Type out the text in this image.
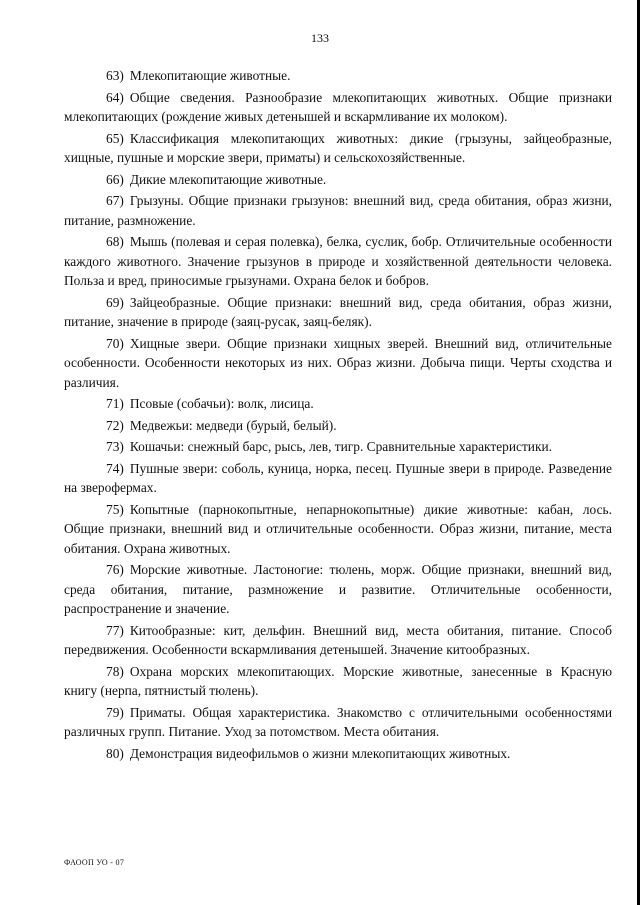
133

63) Млекопитающие животные.

64) Общие сведения. Разнообразие млекопитающих животных. Общие признаки млекопитающих (рождение живых детенышей и вскармливание их молоком).

65) Классификация млекопитающих животных: дикие (грызуны, зайцеобразные, хищные, пушные и морские звери, приматы) и сельскохозяйственные.

66) Дикие млекопитающие животные.

67) Грызуны. Общие признаки грызунов: внешний вид, среда обитания, образ жизни, питание, размножение.

68) Мышь (полевая и серая полевка), белка, суслик, бобр. Отличительные особенности каждого животного. Значение грызунов в природе и хозяйственной деятельности человека. Польза и вред, приносимые грызунами. Охрана белок и бобров.

69) Зайцеобразные. Общие признаки: внешний вид, среда обитания, образ жизни, питание, значение в природе (заяц-русак, заяц-беляк).

70) Хищные звери. Общие признаки хищных зверей. Внешний вид, отличительные особенности. Особенности некоторых из них. Образ жизни. Добыча пищи. Черты сходства и различия.

71) Псовые (собачьи): волк, лисица.

72) Медвежьи: медведи (бурый, белый).

73) Кошачьи: снежный барс, рысь, лев, тигр. Сравнительные характеристики.

74) Пушные звери: соболь, куница, норка, песец. Пушные звери в природе. Разведение на зверофермах.

75) Копытные (парнокопытные, непарнокопытные) дикие животные: кабан, лось. Общие признаки, внешний вид и отличительные особенности. Образ жизни, питание, места обитания. Охрана животных.

76) Морские животные. Ластоногие: тюлень, морж. Общие признаки, внешний вид, среда обитания, питание, размножение и развитие. Отличительные особенности, распространение и значение.

77) Китообразные: кит, дельфин. Внешний вид, места обитания, питание. Способ передвижения. Особенности вскармливания детенышей. Значение китообразных.

78) Охрана морских млекопитающих. Морские животные, занесенные в Красную книгу (нерпа, пятнистый тюлень).

79) Приматы. Общая характеристика. Знакомство с отличительными особенностями различных групп. Питание. Уход за потомством. Места обитания.

80) Демонстрация видеофильмов о жизни млекопитающих животных.

ФАООП УО - 07
